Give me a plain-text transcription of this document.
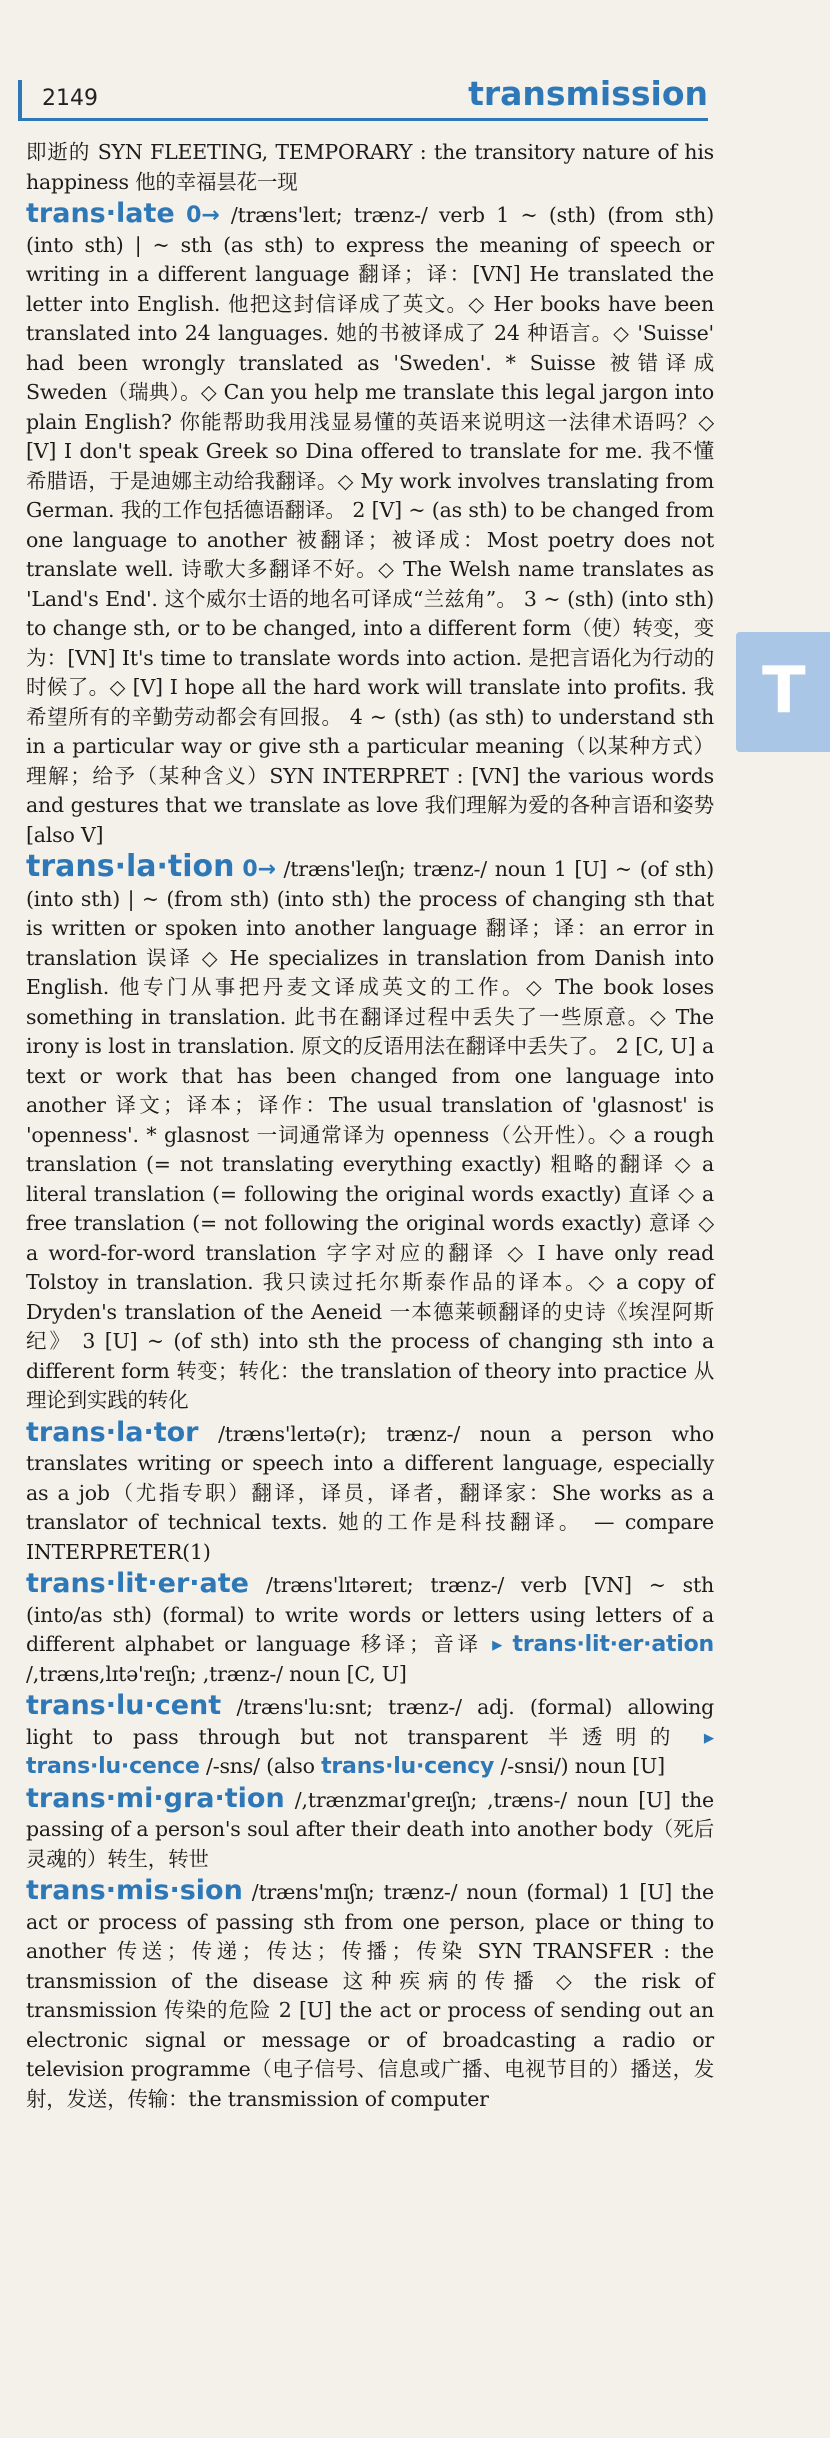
2149	transmission
T

即逝的 SYN FLEETING, TEMPORARY : the transitory nature of his happiness 他的幸福昙花一现

trans·late 0→ /træns'leɪt; trænz-/ verb 1 ~ (sth) (from sth) (into sth) | ~ sth (as sth) to express the meaning of speech or writing in a different language 翻译；译：[VN] He translated the letter into English. 他把这封信译成了英文。◇ Her books have been translated into 24 languages. 她的书被译成了 24 种语言。◇ 'Suisse' had been wrongly translated as 'Sweden'. * Suisse 被错译成 Sweden（瑞典）。◇ Can you help me translate this legal jargon into plain English? 你能帮助我用浅显易懂的英语来说明这一法律术语吗？◇ [V] I don't speak Greek so Dina offered to translate for me. 我不懂希腊语，于是迪娜主动给我翻译。◇ My work involves translating from German. 我的工作包括德语翻译。 2 [V] ~ (as sth) to be changed from one language to another 被翻译；被译成：Most poetry does not translate well. 诗歌大多翻译不好。◇ The Welsh name translates as 'Land's End'. 这个威尔士语的地名可译成“兰兹角”。 3 ~ (sth) (into sth) to change sth, or to be changed, into a different form（使）转变，变为：[VN] It's time to translate words into action. 是把言语化为行动的时候了。◇ [V] I hope all the hard work will translate into profits. 我希望所有的辛勤劳动都会有回报。 4 ~ (sth) (as sth) to understand sth in a particular way or give sth a particular meaning（以某种方式）理解；给予（某种含义）SYN INTERPRET : [VN] the various words and gestures that we translate as love 我们理解为爱的各种言语和姿势 [also V]

trans·la·tion 0→ /træns'leɪʃn; trænz-/ noun 1 [U] ~ (of sth) (into sth) | ~ (from sth) (into sth) the process of changing sth that is written or spoken into another language 翻译；译：an error in translation 误译 ◇ He specializes in translation from Danish into English. 他专门从事把丹麦文译成英文的工作。◇ The book loses something in translation. 此书在翻译过程中丢失了一些原意。◇ The irony is lost in translation. 原文的反语用法在翻译中丢失了。 2 [C, U] a text or work that has been changed from one language into another 译文；译本；译作：The usual translation of 'glasnost' is 'openness'. * glasnost 一词通常译为 openness（公开性）。◇ a rough translation (= not translating everything exactly) 粗略的翻译 ◇ a literal translation (= following the original words exactly) 直译 ◇ a free translation (= not following the original words exactly) 意译 ◇ a word-for-word translation 字字对应的翻译 ◇ I have only read Tolstoy in translation. 我只读过托尔斯泰作品的译本。◇ a copy of Dryden's translation of the Aeneid 一本德莱顿翻译的史诗《埃涅阿斯纪》 3 [U] ~ (of sth) into sth the process of changing sth into a different form 转变；转化：the translation of theory into practice 从理论到实践的转化

trans·la·tor /træns'leɪtə(r); trænz-/ noun a person who translates writing or speech into a different language, especially as a job（尤指专职）翻译，译员，译者，翻译家：She works as a translator of technical texts. 她的工作是科技翻译。 — compare INTERPRETER(1)

trans·lit·er·ate /træns'lɪtəreɪt; trænz-/ verb [VN] ~ sth (into/as sth) (formal) to write words or letters using letters of a different alphabet or language 移译；音译 ▸ trans·lit·er·ation /,træns,lɪtə'reɪʃn; ,trænz-/ noun [C, U]

trans·lu·cent /træns'lu:snt; trænz-/ adj. (formal) allowing light to pass through but not transparent 半透明的 ▸ trans·lu·cence /-sns/ (also trans·lu·cency /-snsi/) noun [U]

trans·mi·gra·tion /,trænzmaɪ'greɪʃn; ,træns-/ noun [U] the passing of a person's soul after their death into another body（死后灵魂的）转生，转世

trans·mis·sion /træns'mɪʃn; trænz-/ noun (formal) 1 [U] the act or process of passing sth from one person, place or thing to another 传送；传递；传达；传播；传染 SYN TRANSFER : the transmission of the disease 这种疾病的传播 ◇ the risk of transmission 传染的危险 2 [U] the act or process of sending out an electronic signal or message or of broadcasting a radio or television programme（电子信号、信息或广播、电视节目的）播送，发射，发送，传输：the transmission of computer
